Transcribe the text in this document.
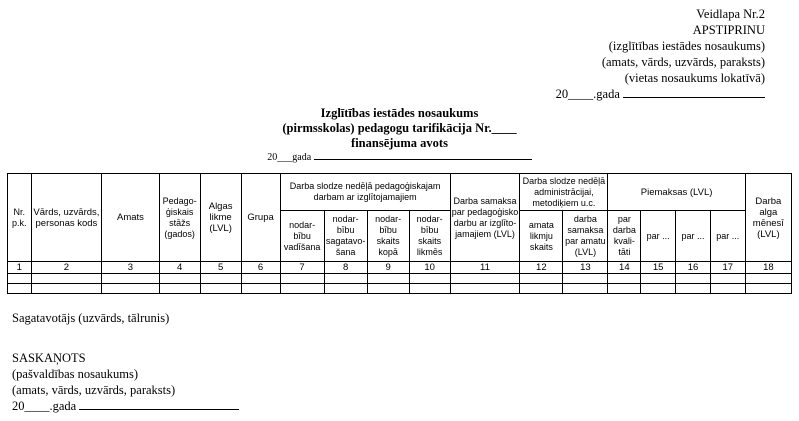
Veidlapa Nr.2
APSTIPRINU
(izglītības iestādes nosaukums)
(amats, vārds, uzvārds, paraksts)
(vietas nosaukums lokatīvā)
20____.gada
Izglītības iestādes nosaukums
(pirmsskolas) pedagogu tarifikācija Nr.____
finansējuma avots
20___gada
Nr. p.k.	Vārds, uzvārds, personas kods	Amats	Pedago-ģiskais stāžs (gados)	Algas likme (LVL)	Grupa	Darba slodze nedēļā pedagoģiskajam darbam ar izglītojamajiem				Darba samaksa par pedagoģisko darbu ar izglīto-jamajiem (LVL)	Darba slodze nedēļā administrācijai, metodiķiem u.c.		Piemaksas (LVL)				Darba alga mēnesī (LVL)
						nodar-bību vadīšana	nodar-bību sagatavo-šana	nodar-bību skaits kopā	nodar-bību skaits likmēs		amata likmju skaits	darba samaksa par amatu (LVL)	par darba kvali-tāti	par ...	par ...	par ...	
1	2	3	4	5	6	7	8	9	10	11	12	13	14	15	16	17	18

Sagatavotājs (uzvārds, tālrunis)
SASKAŅOTS
(pašvaldības nosaukums)
(amats, vārds, uzvārds, paraksts)
20____.gada
